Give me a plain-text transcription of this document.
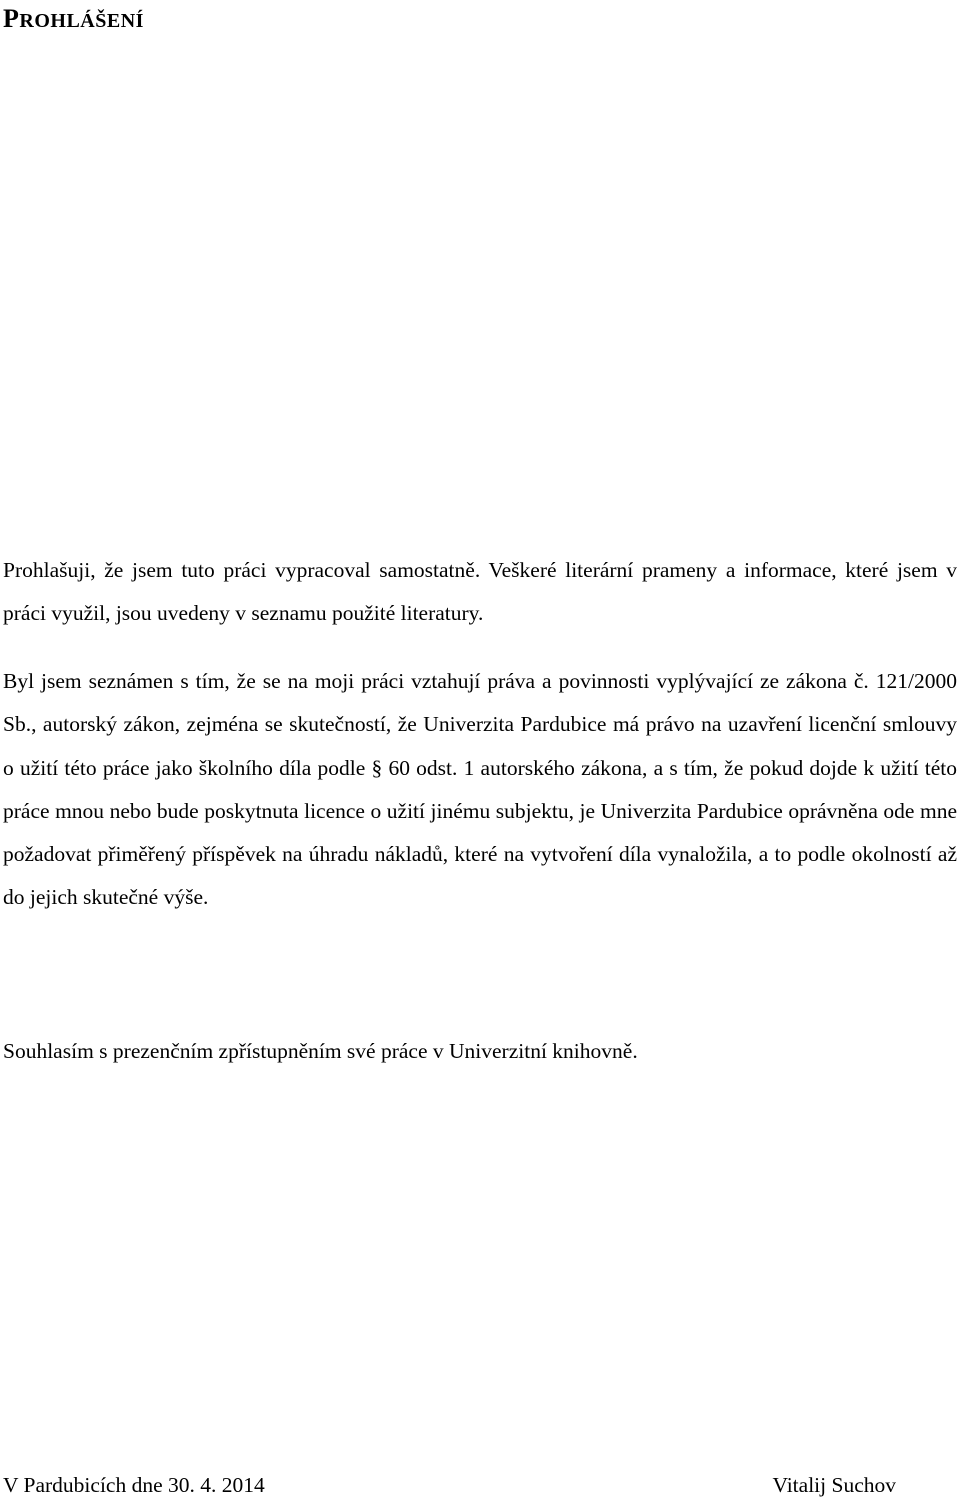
PROHLÁŠENÍ

Prohlašuji, že jsem tuto práci vypracoval samostatně. Veškeré literární prameny a informace, které jsem v práci využil, jsou uvedeny v seznamu použité literatury.

Byl jsem seznámen s tím, že se na moji práci vztahují práva a povinnosti vyplývající ze zákona č. 121/2000 Sb., autorský zákon, zejména se skutečností, že Univerzita Pardubice má právo na uzavření licenční smlouvy o užití této práce jako školního díla podle § 60 odst. 1 autorského zákona, a s tím, že pokud dojde k užití této práce mnou nebo bude poskytnuta licence o užití jinému subjektu, je Univerzita Pardubice oprávněna ode mne požadovat přiměřený příspěvek na úhradu nákladů, které na vytvoření díla vynaložila, a to podle okolností až do jejich skutečné výše.

Souhlasím s prezenčním zpřístupněním své práce v Univerzitní knihovně.

V Pardubicích dne 30. 4. 2014	Vitalij Suchov
